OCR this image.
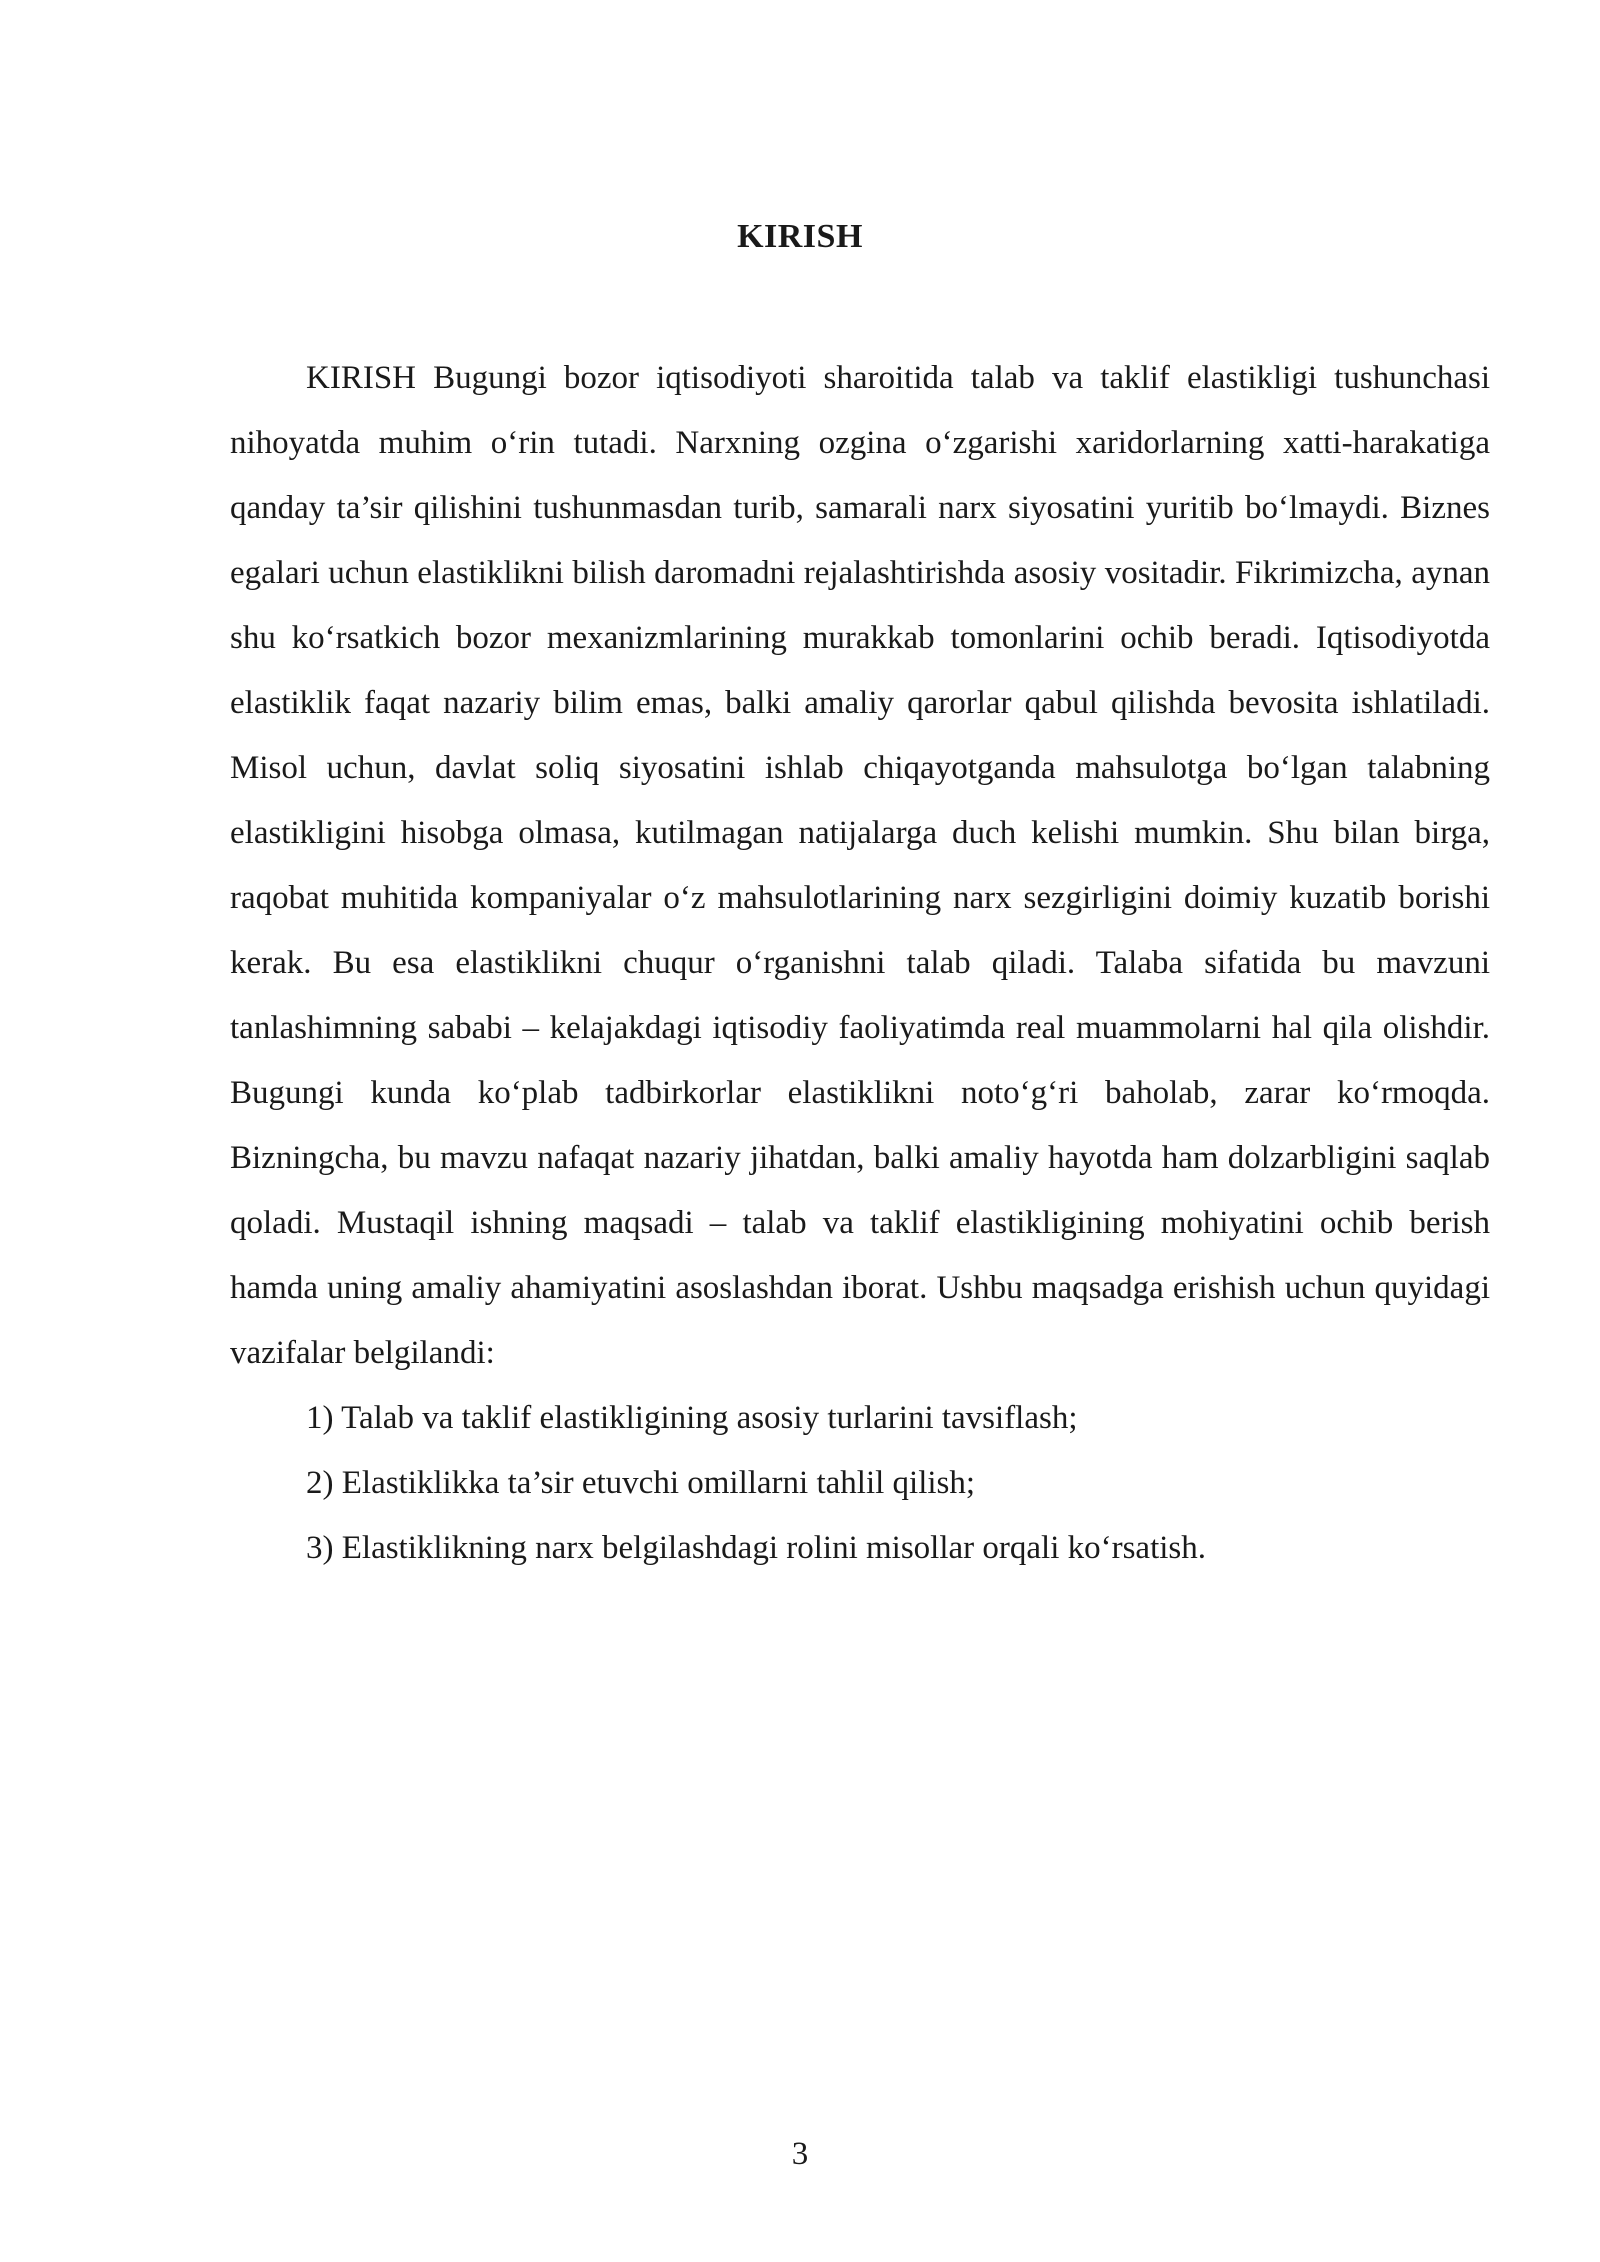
KIRISH

KIRISH Bugungi bozor iqtisodiyoti sharoitida talab va taklif elastikligi tushunchasi nihoyatda muhim o‘rin tutadi. Narxning ozgina o‘zgarishi xaridorlarning xatti-harakatiga qanday ta’sir qilishini tushunmasdan turib, samarali narx siyosatini yuritib bo‘lmaydi. Biznes egalari uchun elastiklikni bilish daromadni rejalashtirishda asosiy vositadir. Fikrimizcha, aynan shu ko‘rsatkich bozor mexanizmlarining murakkab tomonlarini ochib beradi. Iqtisodiyotda elastiklik faqat nazariy bilim emas, balki amaliy qarorlar qabul qilishda bevosita ishlatiladi. Misol uchun, davlat soliq siyosatini ishlab chiqayotganda mahsulotga bo‘lgan talabning elastikligini hisobga olmasa, kutilmagan natijalarga duch kelishi mumkin. Shu bilan birga, raqobat muhitida kompaniyalar o‘z mahsulotlarining narx sezgirligini doimiy kuzatib borishi kerak. Bu esa elastiklikni chuqur o‘rganishni talab qiladi. Talaba sifatida bu mavzuni tanlashimning sababi – kelajakdagi iqtisodiy faoliyatimda real muammolarni hal qila olishdir. Bugungi kunda ko‘plab tadbirkorlar elastiklikni noto‘g‘ri baholab, zarar ko‘rmoqda. Bizningcha, bu mavzu nafaqat nazariy jihatdan, balki amaliy hayotda ham dolzarbligini saqlab qoladi. Mustaqil ishning maqsadi – talab va taklif elastikligining mohiyatini ochib berish hamda uning amaliy ahamiyatini asoslashdan iborat. Ushbu maqsadga erishish uchun quyidagi vazifalar belgilandi:

1) Talab va taklif elastikligining asosiy turlarini tavsiflash;

2) Elastiklikka ta’sir etuvchi omillarni tahlil qilish;

3) Elastiklikning narx belgilashdagi rolini misollar orqali ko‘rsatish.

3
